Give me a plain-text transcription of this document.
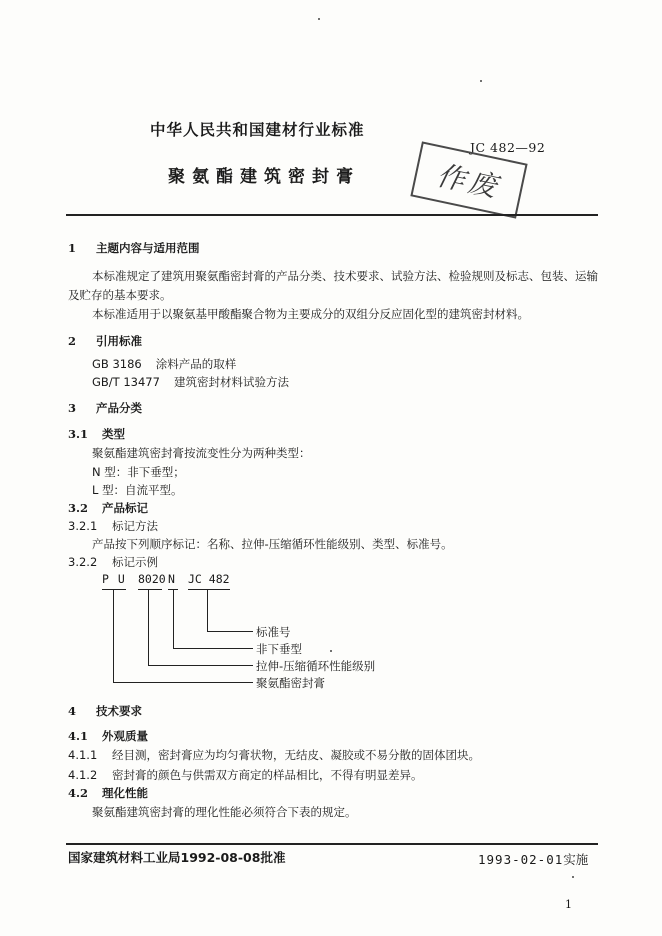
中华人民共和国建材行业标准
JC 482—92
聚氨酯建筑密封膏	作废
1 主题内容与适用范围
本标准规定了建筑用聚氨酯密封膏的产品分类、技术要求、试验方法、检验规则及标志、包装、运输
及贮存的基本要求。
本标准适用于以聚氨基甲酸酯聚合物为主要成分的双组分反应固化型的建筑密封材料。
2 引用标准
GB 3186 涂料产品的取样
GB/T 13477 建筑密封材料试验方法
3 产品分类
3.1 类型
聚氨酯建筑密封膏按流变性分为两种类型：
N 型：非下垂型；
L 型：自流平型。
3.2 产品标记
3.2.1 标记方法
产品按下列顺序标记：名称、拉伸-压缩循环性能级别、类型、标准号。
3.2.2 标记示例
P U 8020 N JC 482
标准号
非下垂型
拉伸-压缩循环性能级别
聚氨酯密封膏
4 技术要求
4.1 外观质量
4.1.1 经目测，密封膏应为均匀膏状物，无结皮、凝胶或不易分散的固体团块。
4.1.2 密封膏的颜色与供需双方商定的样品相比，不得有明显差异。
4.2 理化性能
聚氨酯建筑密封膏的理化性能必须符合下表的规定。
国家建筑材料工业局1992-08-08批准	1993-02-01实施
1
